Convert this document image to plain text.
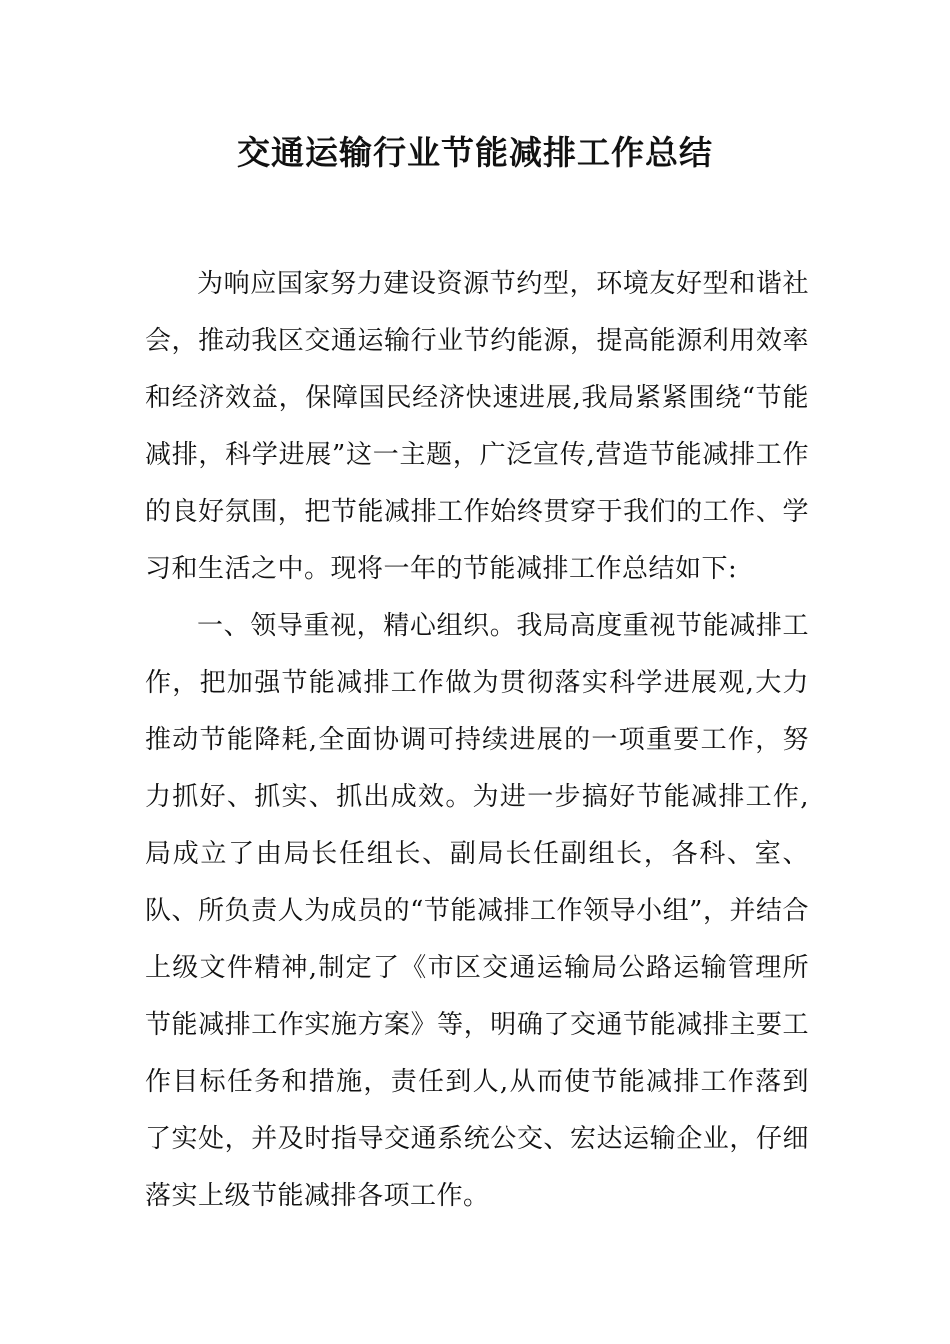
交通运输行业节能减排工作总结

为响应国家努力建设资源节约型，环境友好型和谐社会，推动我区交通运输行业节约能源，提高能源利用效率和经济效益，保障国民经济快速进展,我局紧紧围绕“节能减排，科学进展”这一主题，广泛宣传,营造节能减排工作的良好氛围，把节能减排工作始终贯穿于我们的工作、学习和生活之中。现将一年的节能减排工作总结如下:

一、领导重视，精心组织。我局高度重视节能减排工作，把加强节能减排工作做为贯彻落实科学进展观,大力推动节能降耗,全面协调可持续进展的一项重要工作，努力抓好、抓实、抓出成效。为进一步搞好节能减排工作,局成立了由局长任组长、副局长任副组长，各科、室、队、所负责人为成员的“节能减排工作领导小组”，并结合上级文件精神,制定了《市区交通运输局公路运输管理所节能减排工作实施方案》等，明确了交通节能减排主要工作目标任务和措施，责任到人,从而使节能减排工作落到了实处，并及时指导交通系统公交、宏达运输企业，仔细落实上级节能减排各项工作。
